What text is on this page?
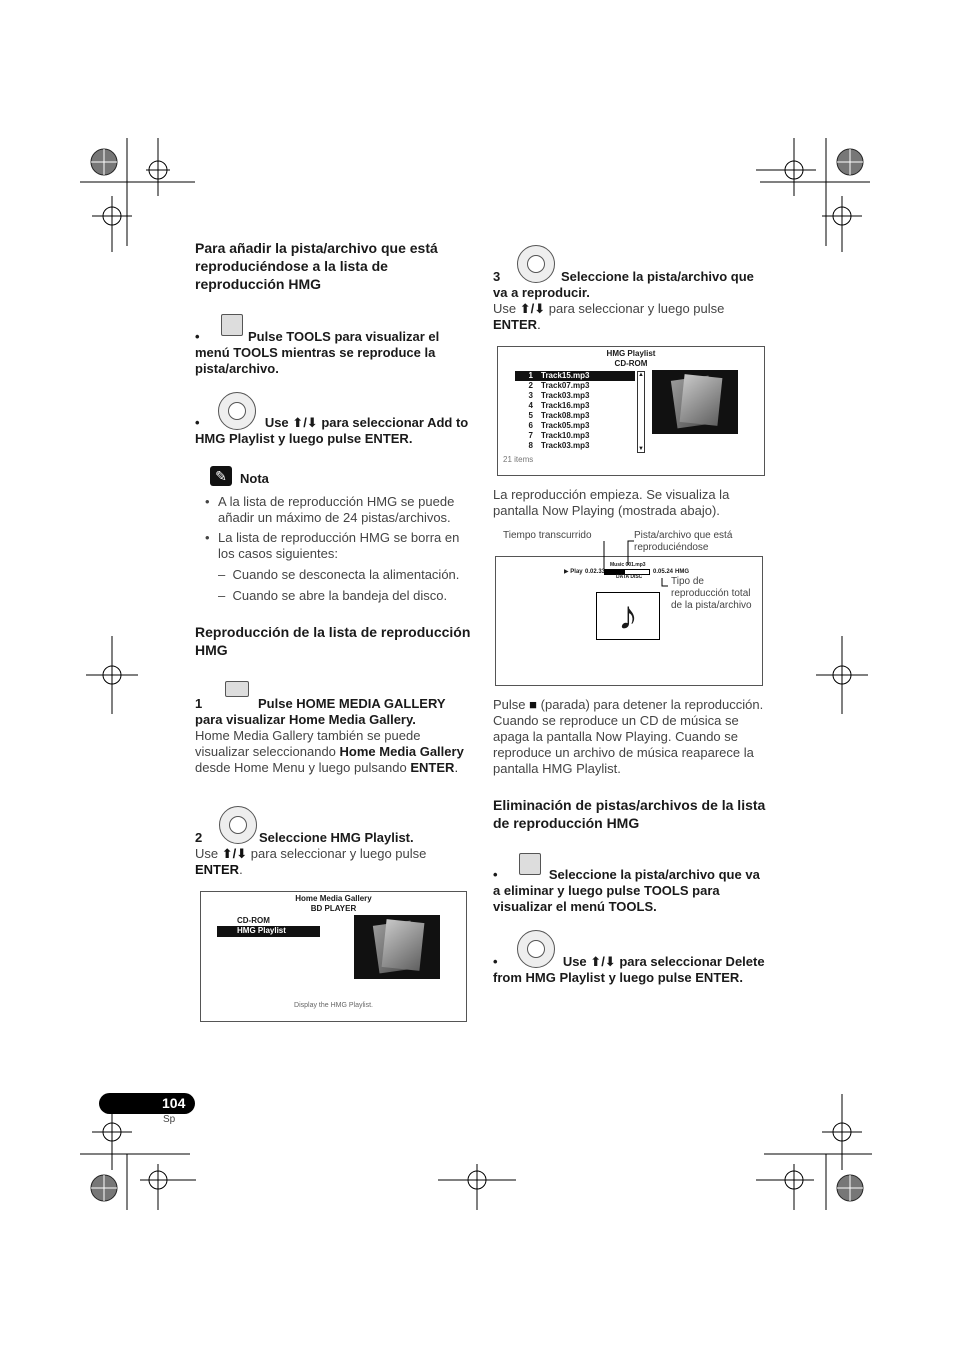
Para añadir la pista/archivo que está reproduciéndose a la lista de reproducción HMG
•	Pulse TOOLS para visualizar el menú TOOLS mientras se reproduce la pista/archivo.
•	Use ⬆/⬇ para seleccionar Add to HMG Playlist y luego pulse ENTER.
✎	Nota
• A la lista de reproducción HMG se puede añadir un máximo de 24 pistas/archivos.
• La lista de reproducción HMG se borra en los casos siguientes:
– Cuando se desconecta la alimentación.
– Cuando se abre la bandeja del disco.
Reproducción de la lista de reproducción HMG
1	Pulse HOME MEDIA GALLERY para visualizar Home Media Gallery.
Home Media Gallery también se puede visualizar seleccionando Home Media Gallery desde Home Menu y luego pulsando ENTER.
2	Seleccione HMG Playlist.
Use ⬆/⬇ para seleccionar y luego pulse ENTER.
Home Media Gallery
BD PLAYER
CD-ROM
HMG Playlist
Display the HMG Playlist.
3	Seleccione la pista/archivo que va a reproducir.
Use ⬆/⬇ para seleccionar y luego pulse ENTER.
HMG Playlist
CD-ROM
1	Track15.mp3
2	Track07.mp3
3	Track03.mp3
4	Track16.mp3
5	Track08.mp3
6	Track05.mp3
7	Track10.mp3
8	Track03.mp3
▲
▼
21 items
La reproducción empieza. Se visualiza la pantalla Now Playing (mostrada abajo).
Tiempo transcurrido	Pista/archivo que está reproduciéndose
▶ Play 0.02.33
Music 001.mp3
0.05.24 HMG
DATA DISC
♪
Tipo de reproducción total de la pista/archivo
Pulse ■ (parada) para detener la reproducción. Cuando se reproduce un CD de música se apaga la pantalla Now Playing. Cuando se reproduce un archivo de música reaparece la pantalla HMG Playlist.
Eliminación de pistas/archivos de la lista de reproducción HMG
•	Seleccione la pista/archivo que va a eliminar y luego pulse TOOLS para visualizar el menú TOOLS.
•	Use ⬆/⬇ para seleccionar Delete from HMG Playlist y luego pulse ENTER.
104
Sp
